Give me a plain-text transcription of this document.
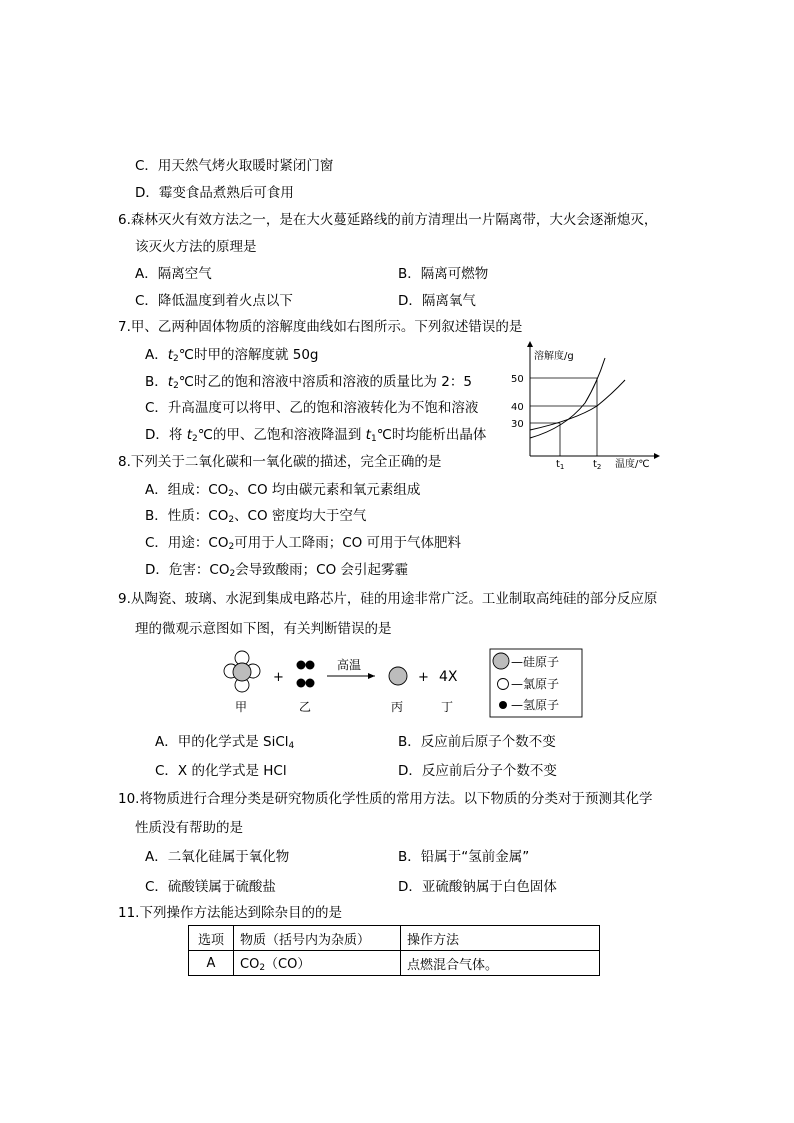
C．用天然气烤火取暖时紧闭门窗
D．霉变食品煮熟后可食用
6.森林灭火有效方法之一，是在大火蔓延路线的前方清理出一片隔离带，大火会逐渐熄灭，
该灭火方法的原理是
A．隔离空气	B．隔离可燃物
C．降低温度到着火点以下	D．隔离氧气
7.甲、乙两种固体物质的溶解度曲线如右图所示。下列叙述错误的是
A．$t_2℃$时甲的溶解度就 50g
B．$t_2℃$时乙的饱和溶液中溶质和溶液的质量比为 2：5
C．升高温度可以将甲、乙的饱和溶液转化为不饱和溶液
D．将 $t_2℃$的甲、乙饱和溶液降温到 $t_1℃$时均能析出晶体
溶解度/g
温度/℃
50
40
30
$t_1$	$t_2$
8.下列关于二氧化碳和一氧化碳的描述，完全正确的是
A．组成：$CO_2$、CO 均由碳元素和氧元素组成
B．性质：$CO_2$、CO 密度均大于空气
C．用途：$CO_2$可用于人工降雨；CO 可用于气体肥料
D．危害：$CO_2$会导致酸雨；CO 会引起雾霾
9.从陶瓷、玻璃、水泥到集成电路芯片，硅的用途非常广泛。工业制取高纯硅的部分反应原
理的微观示意图如下图，有关判断错误的是
+
高温
+ 4X
甲	乙	丙	丁
—硅原子
—氯原子
—氢原子
A．甲的化学式是 SiCl$_4$	B．反应前后原子个数不变
C．X 的化学式是 HCl	D．反应前后分子个数不变
10.将物质进行合理分类是研究物质化学性质的常用方法。以下物质的分类对于预测其化学
性质没有帮助的是
A．二氧化硅属于氧化物	B．铅属于“氢前金属”
C．硫酸镁属于硫酸盐	D．亚硫酸钠属于白色固体
11.下列操作方法能达到除杂目的的是
选项	物质（括号内为杂质）	操作方法
A	$CO_2(CO)$	点燃混合气体。
